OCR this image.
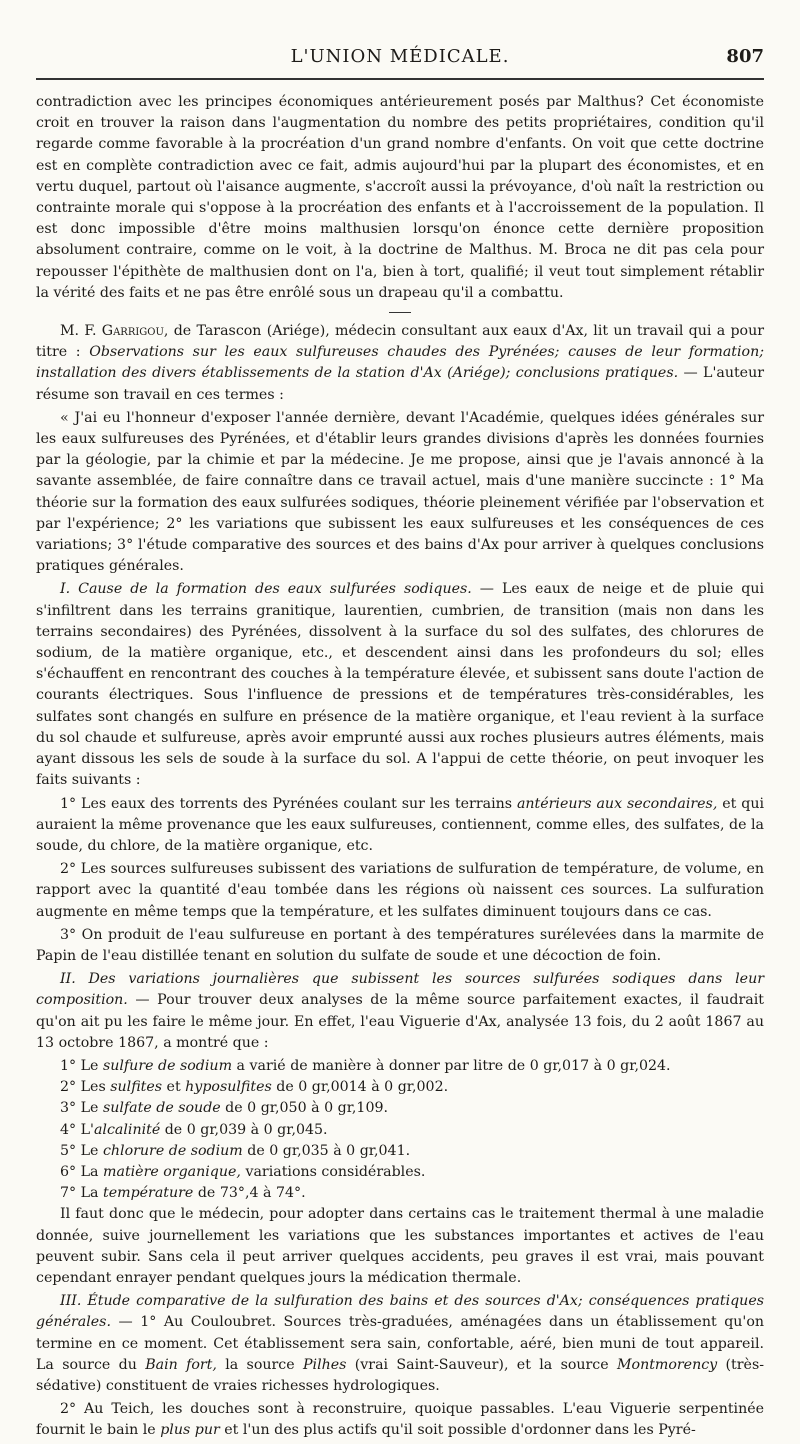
L'UNION MÉDICALE.	807

contradiction avec les principes économiques antérieurement posés par Malthus? Cet économiste croit en trouver la raison dans l'augmentation du nombre des petits propriétaires, condition qu'il regarde comme favorable à la procréation d'un grand nombre d'enfants. On voit que cette doctrine est en complète contradiction avec ce fait, admis aujourd'hui par la plupart des économistes, et en vertu duquel, partout où l'aisance augmente, s'accroît aussi la prévoyance, d'où naît la restriction ou contrainte morale qui s'oppose à la procréation des enfants et à l'accroissement de la population. Il est donc impossible d'être moins malthusien lorsqu'on énonce cette dernière proposition absolument contraire, comme on le voit, à la doctrine de Malthus. M. Broca ne dit pas cela pour repousser l'épithète de malthusien dont on l'a, bien à tort, qualifié; il veut tout simplement rétablir la vérité des faits et ne pas être enrôlé sous un drapeau qu'il a combattu.

M. F. Garrigou, de Tarascon (Ariége), médecin consultant aux eaux d'Ax, lit un travail qui a pour titre : Observations sur les eaux sulfureuses chaudes des Pyrénées; causes de leur formation; installation des divers établissements de la station d'Ax (Ariége); conclusions pratiques. — L'auteur résume son travail en ces termes :

« J'ai eu l'honneur d'exposer l'année dernière, devant l'Académie, quelques idées générales sur les eaux sulfureuses des Pyrénées, et d'établir leurs grandes divisions d'après les données fournies par la géologie, par la chimie et par la médecine. Je me propose, ainsi que je l'avais annoncé à la savante assemblée, de faire connaître dans ce travail actuel, mais d'une manière succincte : 1° Ma théorie sur la formation des eaux sulfurées sodiques, théorie pleinement vérifiée par l'observation et par l'expérience; 2° les variations que subissent les eaux sulfureuses et les conséquences de ces variations; 3° l'étude comparative des sources et des bains d'Ax pour arriver à quelques conclusions pratiques générales.

I. Cause de la formation des eaux sulfurées sodiques. — Les eaux de neige et de pluie qui s'infiltrent dans les terrains granitique, laurentien, cumbrien, de transition (mais non dans les terrains secondaires) des Pyrénées, dissolvent à la surface du sol des sulfates, des chlorures de sodium, de la matière organique, etc., et descendent ainsi dans les profondeurs du sol; elles s'échauffent en rencontrant des couches à la température élevée, et subissent sans doute l'action de courants électriques. Sous l'influence de pressions et de températures très-considérables, les sulfates sont changés en sulfure en présence de la matière organique, et l'eau revient à la surface du sol chaude et sulfureuse, après avoir emprunté aussi aux roches plusieurs autres éléments, mais ayant dissous les sels de soude à la surface du sol. A l'appui de cette théorie, on peut invoquer les faits suivants :

1° Les eaux des torrents des Pyrénées coulant sur les terrains antérieurs aux secondaires, et qui auraient la même provenance que les eaux sulfureuses, contiennent, comme elles, des sulfates, de la soude, du chlore, de la matière organique, etc.

2° Les sources sulfureuses subissent des variations de sulfuration de température, de volume, en rapport avec la quantité d'eau tombée dans les régions où naissent ces sources. La sulfuration augmente en même temps que la température, et les sulfates diminuent toujours dans ce cas.

3° On produit de l'eau sulfureuse en portant à des températures surélevées dans la marmite de Papin de l'eau distillée tenant en solution du sulfate de soude et une décoction de foin.

II. Des variations journalières que subissent les sources sulfurées sodiques dans leur composition. — Pour trouver deux analyses de la même source parfaitement exactes, il faudrait qu'on ait pu les faire le même jour. En effet, l'eau Viguerie d'Ax, analysée 13 fois, du 2 août 1867 au 13 octobre 1867, a montré que :

1° Le sulfure de sodium a varié de manière à donner par litre de 0 gr,017 à 0 gr,024.

2° Les sulfites et hyposulfites de 0 gr,0014 à 0 gr,002.

3° Le sulfate de soude de 0 gr,050 à 0 gr,109.

4° L'alcalinité de 0 gr,039 à 0 gr,045.

5° Le chlorure de sodium de 0 gr,035 à 0 gr,041.

6° La matière organique, variations considérables.

7° La température de 73°,4 à 74°.

Il faut donc que le médecin, pour adopter dans certains cas le traitement thermal à une maladie donnée, suive journellement les variations que les substances importantes et actives de l'eau peuvent subir. Sans cela il peut arriver quelques accidents, peu graves il est vrai, mais pouvant cependant enrayer pendant quelques jours la médication thermale.

III. Étude comparative de la sulfuration des bains et des sources d'Ax; conséquences pratiques générales. — 1° Au Couloubret. Sources très-graduées, aménagées dans un établissement qu'on termine en ce moment. Cet établissement sera sain, confortable, aéré, bien muni de tout appareil. La source du Bain fort, la source Pilhes (vrai Saint-Sauveur), et la source Montmorency (très-sédative) constituent de vraies richesses hydrologiques.

2° Au Teich, les douches sont à reconstruire, quoique passables. L'eau Viguerie serpentinée fournit le bain le plus pur et l'un des plus actifs qu'il soit possible d'ordonner dans les Pyré-
